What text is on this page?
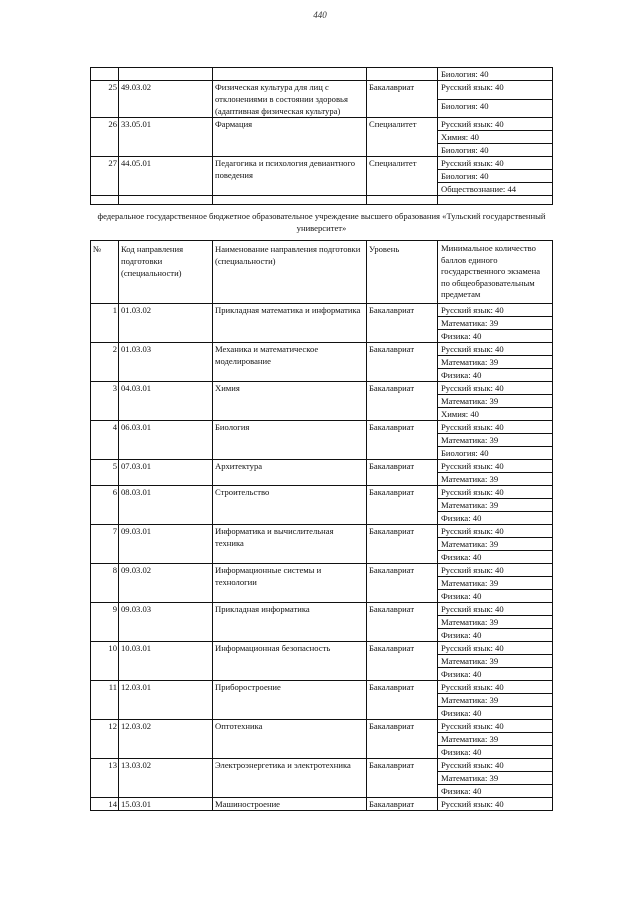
440
				Биология: 40
25	49.03.02	Физическая культура для лиц с отклонениями в состоянии здоровья (адаптивная физическая культура)	Бакалавриат	Русский язык: 40
				Биология: 40
26	33.05.01	Фармация	Специалитет	Русский язык: 40
				Химия: 40
				Биология: 40
27	44.05.01	Педагогика и психология девиантного поведения	Специалитет	Русский язык: 40
				Биология: 40
				Обществознание: 44

федеральное государственное бюджетное образовательное учреждение высшего образования «Тульский государственный университет»				
№	Код направления подготовки (специальности)	Наименование направления подготовки (специальности)	Уровень	Минимальное количество баллов единого государственного экзамена по общеобразовательным предметам
1	01.03.02	Прикладная математика и информатика	Бакалавриат	Русский язык: 40
				Математика: 39
				Физика: 40
2	01.03.03	Механика и математическое моделирование	Бакалавриат	Русский язык: 40
				Математика: 39
				Физика: 40
3	04.03.01	Химия	Бакалавриат	Русский язык: 40
				Математика: 39
				Химия: 40
4	06.03.01	Биология	Бакалавриат	Русский язык: 40
				Математика: 39
				Биология: 40
5	07.03.01	Архитектура	Бакалавриат	Русский язык: 40
				Математика: 39
6	08.03.01	Строительство	Бакалавриат	Русский язык: 40
				Математика: 39
				Физика: 40
7	09.03.01	Информатика и вычислительная техника	Бакалавриат	Русский язык: 40
				Математика: 39
				Физика: 40
8	09.03.02	Информационные системы и технологии	Бакалавриат	Русский язык: 40
				Математика: 39
				Физика: 40
9	09.03.03	Прикладная информатика	Бакалавриат	Русский язык: 40
				Математика: 39
				Физика: 40
10	10.03.01	Информационная безопасность	Бакалавриат	Русский язык: 40
				Математика: 39
				Физика: 40
11	12.03.01	Приборостроение	Бакалавриат	Русский язык: 40
				Математика: 39
				Физика: 40
12	12.03.02	Оптотехника	Бакалавриат	Русский язык: 40
				Математика: 39
				Физика: 40
13	13.03.02	Электроэнергетика и электротехника	Бакалавриат	Русский язык: 40
				Математика: 39
				Физика: 40
14	15.03.01	Машиностроение	Бакалавриат	Русский язык: 40
